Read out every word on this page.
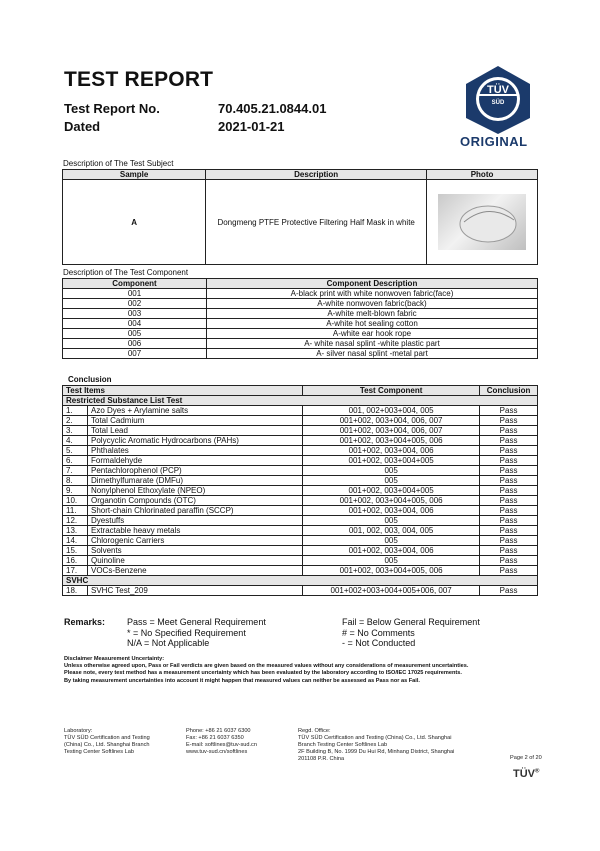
TEST REPORT
Test Report No.	70.405.21.0844.01
Dated	2021-01-21
TÜV
SÜD
ORIGINAL
Description of The Test Subject
Sample	Description	Photo
A	Dongmeng PTFE Protective Filtering Half Mask in white	
Description of The Test Component
Component	Component Description
001	A-black print with white nonwoven fabric(face)
002	A-white nonwoven fabric(back)
003	A-white melt-blown fabric
004	A-white hot sealing cotton
005	A-white ear hook rope
006	A- white nasal splint -white plastic part
007	A- silver nasal splint -metal part
Conclusion
Test Items		Test Component	Conclusion
Restricted Substance List Test			
1.	Azo Dyes + Arylamine salts	001, 002+003+004, 005	Pass
2.	Total Cadmium	001+002, 003+004, 006, 007	Pass
3.	Total Lead	001+002, 003+004, 006, 007	Pass
4.	Polycyclic Aromatic Hydrocarbons (PAHs)	001+002, 003+004+005, 006	Pass
5.	Phthalates	001+002, 003+004, 006	Pass
6.	Formaldehyde	001+002, 003+004+005	Pass
7.	Pentachlorophenol (PCP)	005	Pass
8.	Dimethylfumarate (DMFu)	005	Pass
9.	Nonylphenol Ethoxylate (NPEO)	001+002, 003+004+005	Pass
10.	Organotin Compounds (OTC)	001+002, 003+004+005, 006	Pass
11.	Short-chain Chlorinated paraffin (SCCP)	001+002, 003+004, 006	Pass
12.	Dyestuffs	005	Pass
13.	Extractable heavy metals	001, 002, 003, 004, 005	Pass
14.	Chlorogenic Carriers	005	Pass
15.	Solvents	001+002, 003+004, 006	Pass
16.	Quinoline	005	Pass
17.	VOCs-Benzene	001+002, 003+004+005, 006	Pass
SVHC			
18.	SVHC Test_209	001+002+003+004+005+006, 007	Pass
Remarks: Pass = Meet General Requirement
* = No Specified Requirement
N/A = Not Applicable
Fail = Below General Requirement
# = No Comments
- = Not Conducted
Disclaimer Measurement Uncertainty:
Unless otherwise agreed upon, Pass or Fail verdicts are given based on the measured values without any considerations of measurement uncertainties.
Please note, every test method has a measurement uncertainty which has been evaluated by the laboratory according to ISO/IEC 17025 requirements.
By taking measurement uncertainties into account it might happen that measured values can neither be assessed as Pass nor as Fail.
Laboratory:
TÜV SÜD Certification and Testing
(China) Co., Ltd. Shanghai Branch
Testing Center Softlines Lab
Phone: +86 21 6037 6300
Fax: +86 21 6037 6350
E-mail: softlines@tuv-sud.cn
www.tuv-sud.cn/softlines
Regd. Office:
TÜV SÜD Certification and Testing (China) Co., Ltd. Shanghai
Branch Testing Center Softlines Lab
2F Building B, No. 1999 Du Hui Rd, Minhang District, Shanghai
201108 P.R. China	Page 2 of 20
TÜV®
